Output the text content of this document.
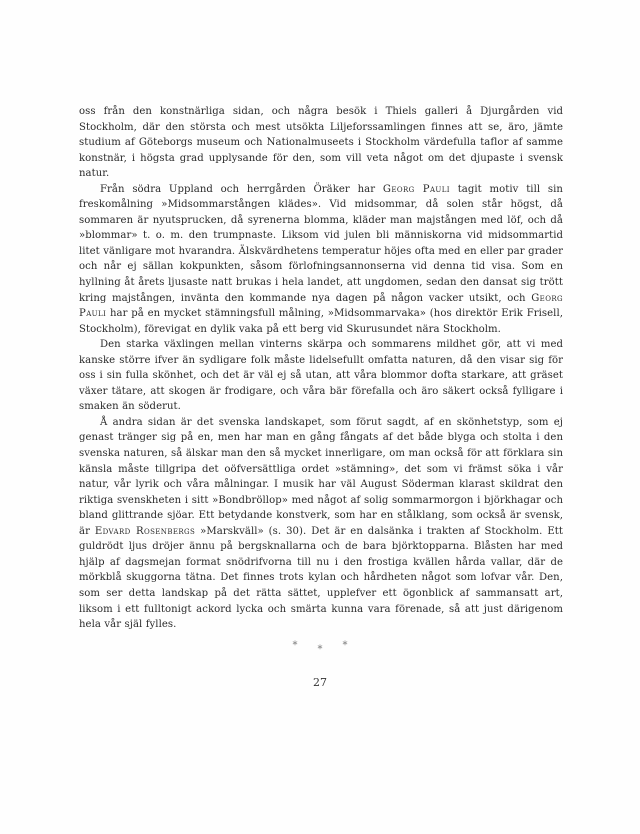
oss från den konstnärliga sidan, och några besök i Thiels galleri å Djurgården vid Stockholm, där den största och mest utsökta Liljeforssamlingen finnes att se, äro, jämte studium af Göteborgs museum och Nationalmuseets i Stockholm värdefulla taflor af samme konstnär, i högsta grad upplysande för den, som vill veta något om det djupaste i svensk natur.

Från södra Uppland och herrgården Öräker har Georg Pauli tagit motiv till sin freskomålning »Midsommarstången klädes». Vid midsommar, då solen står högst, då sommaren är nyutsprucken, då syrenerna blomma, kläder man majstången med löf, och då »blommar» t. o. m. den trumpnaste. Liksom vid julen bli människorna vid midsommartid litet vänligare mot hvarandra. Älskvärdhetens temperatur höjes ofta med en eller par grader och når ej sällan kokpunkten, såsom förlofningsannonserna vid denna tid visa. Som en hyllning åt årets ljusaste natt brukas i hela landet, att ungdomen, sedan den dansat sig trött kring majstången, invänta den kommande nya dagen på någon vacker utsikt, och Georg Pauli har på en mycket stämningsfull målning, »Midsommarvaka» (hos direktör Erik Frisell, Stockholm), förevigat en dylik vaka på ett berg vid Skurusundet nära Stockholm.

Den starka växlingen mellan vinterns skärpa och sommarens mildhet gör, att vi med kanske större ifver än sydligare folk måste lidelsefullt omfatta naturen, då den visar sig för oss i sin fulla skönhet, och det är väl ej så utan, att våra blommor dofta starkare, att gräset växer tätare, att skogen är frodigare, och våra bär förefalla och äro säkert också fylligare i smaken än söderut.

Å andra sidan är det svenska landskapet, som förut sagdt, af en skönhetstyp, som ej genast tränger sig på en, men har man en gång fångats af det både blyga och stolta i den svenska naturen, så älskar man den så mycket innerligare, om man också för att förklara sin känsla måste tillgripa det oöfversättliga ordet »stämning», det som vi främst söka i vår natur, vår lyrik och våra målningar. I musik har väl August Söderman klarast skildrat den riktiga svenskheten i sitt »Bondbröllop» med något af solig sommarmorgon i björkhagar och bland glittrande sjöar. Ett betydande konstverk, som har en stålklang, som också är svensk, är Edvard Rosenbergs »Marskväll» (s. 30). Det är en dalsänka i trakten af Stockholm. Ett guldrödt ljus dröjer ännu på bergsknallarna och de bara björktopparna. Blåsten har med hjälp af dagsmejan format snödrifvorna till nu i den frostiga kvällen hårda vallar, där de mörkblå skuggorna tätna. Det finnes trots kylan och hårdheten något som lofvar vår. Den, som ser detta landskap på det rätta sättet, upplefver ett ögonblick af sammansatt art, liksom i ett fulltonigt ackord lycka och smärta kunna vara förenade, så att just därigenom hela vår själ fylles.

***
27
